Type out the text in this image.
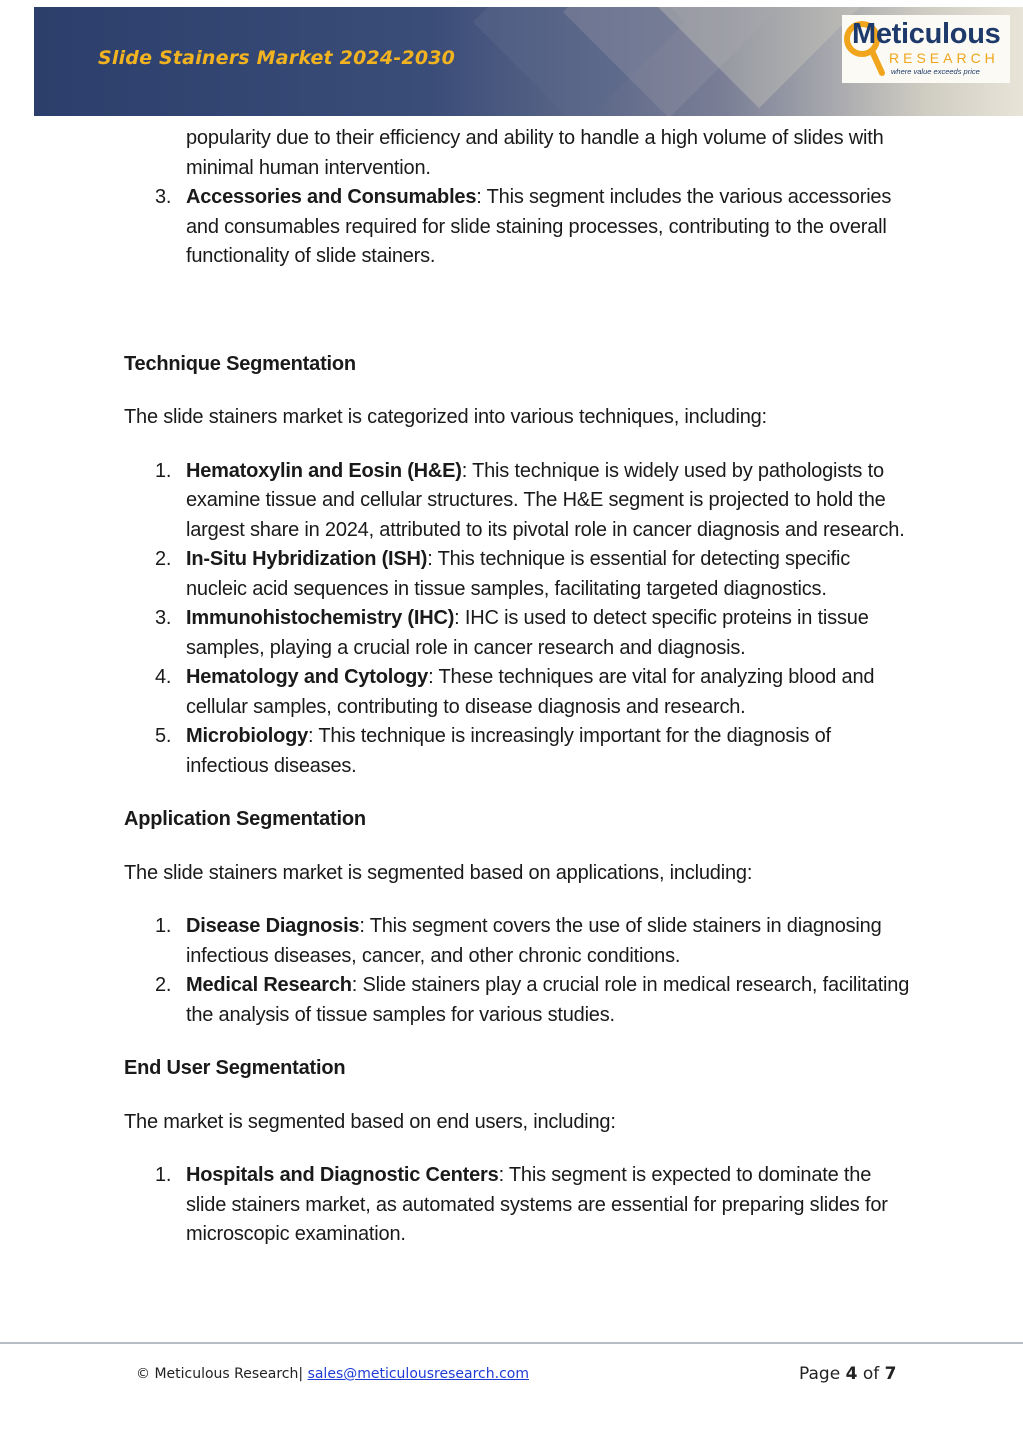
Slide Stainers Market 2024-2030
Meticulous
RESEARCH
where value exceeds price

popularity due to their efficiency and ability to handle a high volume of slides with minimal human intervention.

3. Accessories and Consumables: This segment includes the various accessories and consumables required for slide staining processes, contributing to the overall functionality of slide stainers.

Technique Segmentation

The slide stainers market is categorized into various techniques, including:

1. Hematoxylin and Eosin (H&E): This technique is widely used by pathologists to examine tissue and cellular structures. The H&E segment is projected to hold the largest share in 2024, attributed to its pivotal role in cancer diagnosis and research.
2. In-Situ Hybridization (ISH): This technique is essential for detecting specific nucleic acid sequences in tissue samples, facilitating targeted diagnostics.
3. Immunohistochemistry (IHC): IHC is used to detect specific proteins in tissue samples, playing a crucial role in cancer research and diagnosis.
4. Hematology and Cytology: These techniques are vital for analyzing blood and cellular samples, contributing to disease diagnosis and research.
5. Microbiology: This technique is increasingly important for the diagnosis of infectious diseases.

Application Segmentation

The slide stainers market is segmented based on applications, including:

1. Disease Diagnosis: This segment covers the use of slide stainers in diagnosing infectious diseases, cancer, and other chronic conditions.
2. Medical Research: Slide stainers play a crucial role in medical research, facilitating the analysis of tissue samples for various studies.

End User Segmentation

The market is segmented based on end users, including:

1. Hospitals and Diagnostic Centers: This segment is expected to dominate the slide stainers market, as automated systems are essential for preparing slides for microscopic examination.
© Meticulous Research| sales@meticulousresearch.com	Page 4 of 7
